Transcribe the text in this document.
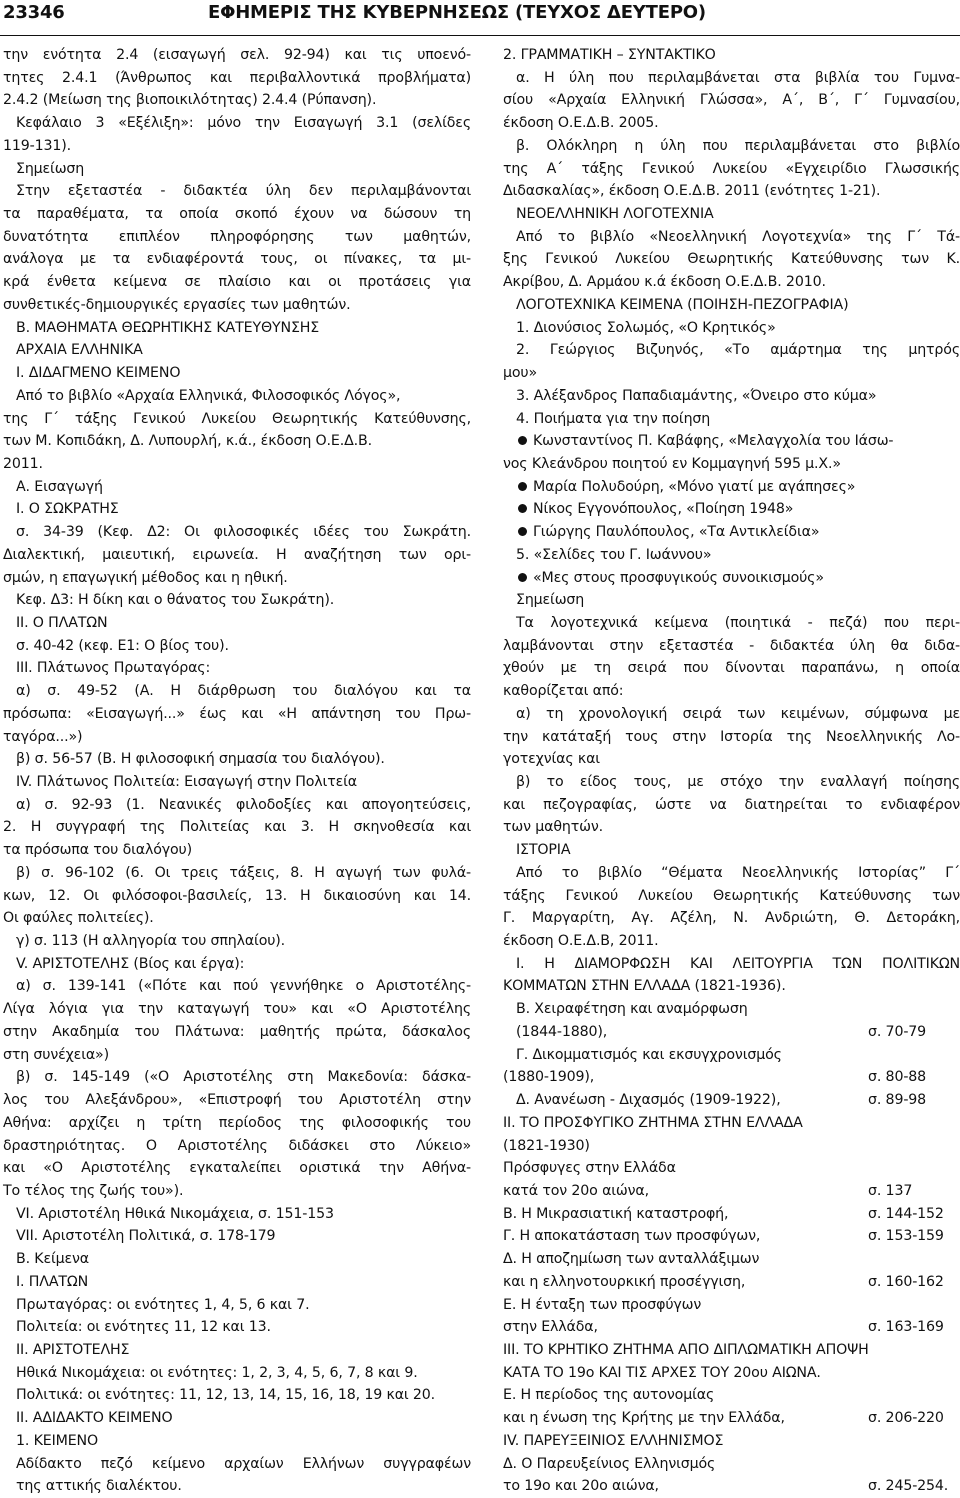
23346	ΕΦΗΜΕΡΙΣ ΤΗΣ ΚΥΒΕΡΝΗΣΕΩΣ (ΤΕΥΧΟΣ ΔΕΥΤΕΡΟ)
την ενότητα 2.4 (εισαγωγή σελ. 92-94) και τις υποενό-
τητες 2.4.1 (Άνθρωπος και περιβαλλοντικά προβλήματα)
2.4.2 (Μείωση της βιοποικιλότητας) 2.4.4 (Ρύπανση).
Κεφάλαιο 3 «Εξέλιξη»: μόνο την Εισαγωγή 3.1 (σελίδες
119-131).
Σημείωση
Στην εξεταστέα - διδακτέα ύλη δεν περιλαμβάνονται
τα παραθέματα, τα οποία σκοπό έχουν να δώσουν τη
δυνατότητα επιπλέον πληροφόρησης των μαθητών,
ανάλογα με τα ενδιαφέροντά τους, οι πίνακες, τα μι-
κρά ένθετα κείμενα σε πλαίσιο και οι προτάσεις για
συνθετικές-δημιουργικές εργασίες των μαθητών.
Β. ΜΑΘΗΜΑΤΑ ΘΕΩΡΗΤΙΚΗΣ ΚΑΤΕΥΘΥΝΣΗΣ
ΑΡΧΑΙΑ ΕΛΛΗΝΙΚΑ
Ι. ΔΙΔΑΓΜΕΝΟ ΚΕΙΜΕΝΟ
Από το βιβλίο «Αρχαία Ελληνικά, Φιλοσοφικός Λόγος»,
της Γ΄ τάξης Γενικού Λυκείου Θεωρητικής Κατεύθυνσης,
των Μ. Κοπιδάκη, Δ. Λυπουρλή, κ.ά., έκδοση Ο.Ε.Δ.Β.
2011.
Α. Εισαγωγή
Ι. Ο ΣΩΚΡΑΤΗΣ
σ. 34-39 (Κεφ. Δ2: Οι φιλοσοφικές ιδέες του Σωκράτη.
Διαλεκτική, μαιευτική, ειρωνεία. Η αναζήτηση των ορι-
σμών, η επαγωγική μέθοδος και η ηθική.
Κεφ. Δ3: Η δίκη και ο θάνατος του Σωκράτη).
ΙΙ. Ο ΠΛΑΤΩΝ
σ. 40-42 (κεφ. Ε1: Ο βίος του).
ΙΙΙ. Πλάτωνος Πρωταγόρας:
α) σ. 49-52 (Α. Η διάρθρωση του διαλόγου και τα
πρόσωπα: «Εισαγωγή...» έως και «Η απάντηση του Πρω-
ταγόρα...»)
β) σ. 56-57 (Β. Η φιλοσοφική σημασία του διαλόγου).
ΙV. Πλάτωνος Πολιτεία: Εισαγωγή στην Πολιτεία
α) σ. 92-93 (1. Νεανικές φιλοδοξίες και απογοητεύσεις,
2. Η συγγραφή της Πολιτείας και 3. Η σκηνοθεσία και
τα πρόσωπα του διαλόγου)
β) σ. 96-102 (6. Οι τρεις τάξεις, 8. Η αγωγή των φυλά-
κων, 12. Οι φιλόσοφοι-βασιλείς, 13. Η δικαιοσύνη και 14.
Οι φαύλες πολιτείες).
γ) σ. 113 (Η αλληγορία του σπηλαίου).
V. ΑΡΙΣΤΟΤΕΛΗΣ (Βίος και έργα):
α) σ. 139-141 («Πότε και πού γεννήθηκε ο Αριστοτέλης-
Λίγα λόγια για την καταγωγή του» και «Ο Αριστοτέλης
στην Ακαδημία του Πλάτωνα: μαθητής πρώτα, δάσκαλος
στη συνέχεια»)
β) σ. 145-149 («Ο Αριστοτέλης στη Μακεδονία: δάσκα-
λος του Αλεξάνδρου», «Επιστροφή του Αριστοτέλη στην
Αθήνα: αρχίζει η τρίτη περίοδος της φιλοσοφικής του
δραστηριότητας. Ο Αριστοτέλης διδάσκει στο Λύκειο»
και «Ο Αριστοτέλης εγκαταλείπει οριστικά την Αθήνα-
Το τέλος της ζωής του»).
VI. Αριστοτέλη Ηθικά Νικομάχεια, σ. 151-153
VII. Αριστοτέλη Πολιτικά, σ. 178-179
Β. Κείμενα
Ι. ΠΛΑΤΩΝ
Πρωταγόρας: οι ενότητες 1, 4, 5, 6 και 7.
Πολιτεία: οι ενότητες 11, 12 και 13.
ΙΙ. ΑΡΙΣΤΟΤΕΛΗΣ
Ηθικά Νικομάχεια: οι ενότητες: 1, 2, 3, 4, 5, 6, 7, 8 και 9.
Πολιτικά: οι ενότητες: 11, 12, 13, 14, 15, 16, 18, 19 και 20.
ΙΙ. ΑΔΙΔΑΚΤΟ ΚΕΙΜΕΝΟ
1. ΚΕΙΜΕΝΟ
Αδίδακτο πεζό κείμενο αρχαίων Ελλήνων συγγραφέων
της αττικής διαλέκτου.
2. ΓΡΑΜΜΑΤΙΚΗ – ΣΥΝΤΑΚΤΙΚΟ
α. Η ύλη που περιλαμβάνεται στα βιβλία του Γυμνα-
σίου «Αρχαία Ελληνική Γλώσσα», Α΄, Β΄, Γ΄ Γυμνασίου,
έκδοση Ο.Ε.Δ.Β. 2005.
β. Ολόκληρη η ύλη που περιλαμβάνεται στο βιβλίο
της Α΄ τάξης Γενικού Λυκείου «Εγχειρίδιο Γλωσσικής
Διδασκαλίας», έκδοση Ο.Ε.Δ.Β. 2011 (ενότητες 1-21).
ΝΕΟΕΛΛΗΝΙΚΗ ΛΟΓΟΤΕΧΝΙΑ
Από το βιβλίο «Νεοελληνική Λογοτεχνία» της Γ΄ Τά-
ξης Γενικού Λυκείου Θεωρητικής Κατεύθυνσης των Κ.
Ακρίβου, Δ. Αρμάου κ.ά έκδοση Ο.Ε.Δ.Β. 2010.
ΛΟΓΟΤΕΧΝΙΚΑ ΚΕΙΜΕΝΑ (ΠΟΙΗΣΗ-ΠΕΖΟΓΡΑΦΙΑ)
1. Διονύσιος Σολωμός, «Ο Κρητικός»
2. Γεώργιος Βιζυηνός, «Το αμάρτημα της μητρός
μου»
3. Αλέξανδρος Παπαδιαμάντης, «Όνειρο στο κύμα»
4. Ποιήματα για την ποίηση
Κωνσταντίνος Π. Καβάφης, «Μελαγχολία του Ιάσω-
νος Κλεάνδρου ποιητού εν Κομμαγηνή 595 μ.Χ.»
Μαρία Πολυδούρη, «Μόνο γιατί με αγάπησες»
Νίκος Εγγονόπουλος, «Ποίηση 1948»
Γιώργης Παυλόπουλος, «Τα Αντικλείδια»
5. «Σελίδες του Γ. Ιωάννου»
«Μες στους προσφυγικούς συνοικισμούς»
Σημείωση
Τα λογοτεχνικά κείμενα (ποιητικά - πεζά) που περι-
λαμβάνονται στην εξεταστέα - διδακτέα ύλη θα διδα-
χθούν με τη σειρά που δίνονται παραπάνω, η οποία
καθορίζεται από:
α) τη χρονολογική σειρά των κειμένων, σύμφωνα με
την κατάταξή τους στην Ιστορία της Νεοελληνικής Λο-
γοτεχνίας και
β) το είδος τους, με στόχο την εναλλαγή ποίησης
και πεζογραφίας, ώστε να διατηρείται το ενδιαφέρον
των μαθητών.
ΙΣΤΟΡΙΑ
Από το βιβλίο “Θέματα Νεοελληνικής Ιστορίας” Γ΄
τάξης Γενικού Λυκείου Θεωρητικής Κατεύθυνσης των
Γ. Μαργαρίτη, Αγ. Αζέλη, Ν. Ανδριώτη, Θ. Δετοράκη,
έκδοση Ο.Ε.Δ.Β, 2011.
Ι. Η ΔΙΑΜΟΡΦΩΣΗ ΚΑΙ ΛΕΙΤΟΥΡΓΙΑ ΤΩΝ ΠΟΛΙΤΙΚΩΝ
ΚΟΜΜΑΤΩΝ ΣΤΗΝ ΕΛΛΑΔΑ (1821-1936).
Β. Χειραφέτηση και αναμόρφωση
(1844-1880),	σ. 70-79
Γ. Δικομματισμός και εκσυγχρονισμός
(1880-1909),	σ. 80-88
Δ. Ανανέωση - Διχασμός (1909-1922),	σ. 89-98
ΙΙ. ΤΟ ΠΡΟΣΦΥΓΙΚΟ ΖΗΤΗΜΑ ΣΤΗΝ ΕΛΛΑΔΑ
(1821-1930)
Πρόσφυγες στην Ελλάδα
κατά τον 20ο αιώνα,	σ. 137
Β. Η Μικρασιατική καταστροφή,	σ. 144-152
Γ. Η αποκατάσταση των προσφύγων,	σ. 153-159
Δ. Η αποζημίωση των ανταλλάξιμων
και η ελληνοτουρκική προσέγγιση,	σ. 160-162
Ε. Η ένταξη των προσφύγων
στην Ελλάδα,	σ. 163-169
ΙΙΙ. ΤΟ ΚΡΗΤΙΚΟ ΖΗΤΗΜΑ ΑΠΟ ΔΙΠΛΩΜΑΤΙΚΗ ΑΠΟΨΗ
ΚΑΤΑ ΤΟ 19ο ΚΑΙ ΤΙΣ ΑΡΧΕΣ ΤΟΥ 20ου ΑΙΩΝΑ.
Ε. Η περίοδος της αυτονομίας
και η ένωση της Κρήτης με την Ελλάδα,	σ. 206-220
ΙV. ΠΑΡΕΥΞΕΙΝΙΟΣ ΕΛΛΗΝΙΣΜΟΣ
Δ. Ο Παρευξείνιος Ελληνισμός
το 19ο και 20ο αιώνα,	σ. 245-254.
